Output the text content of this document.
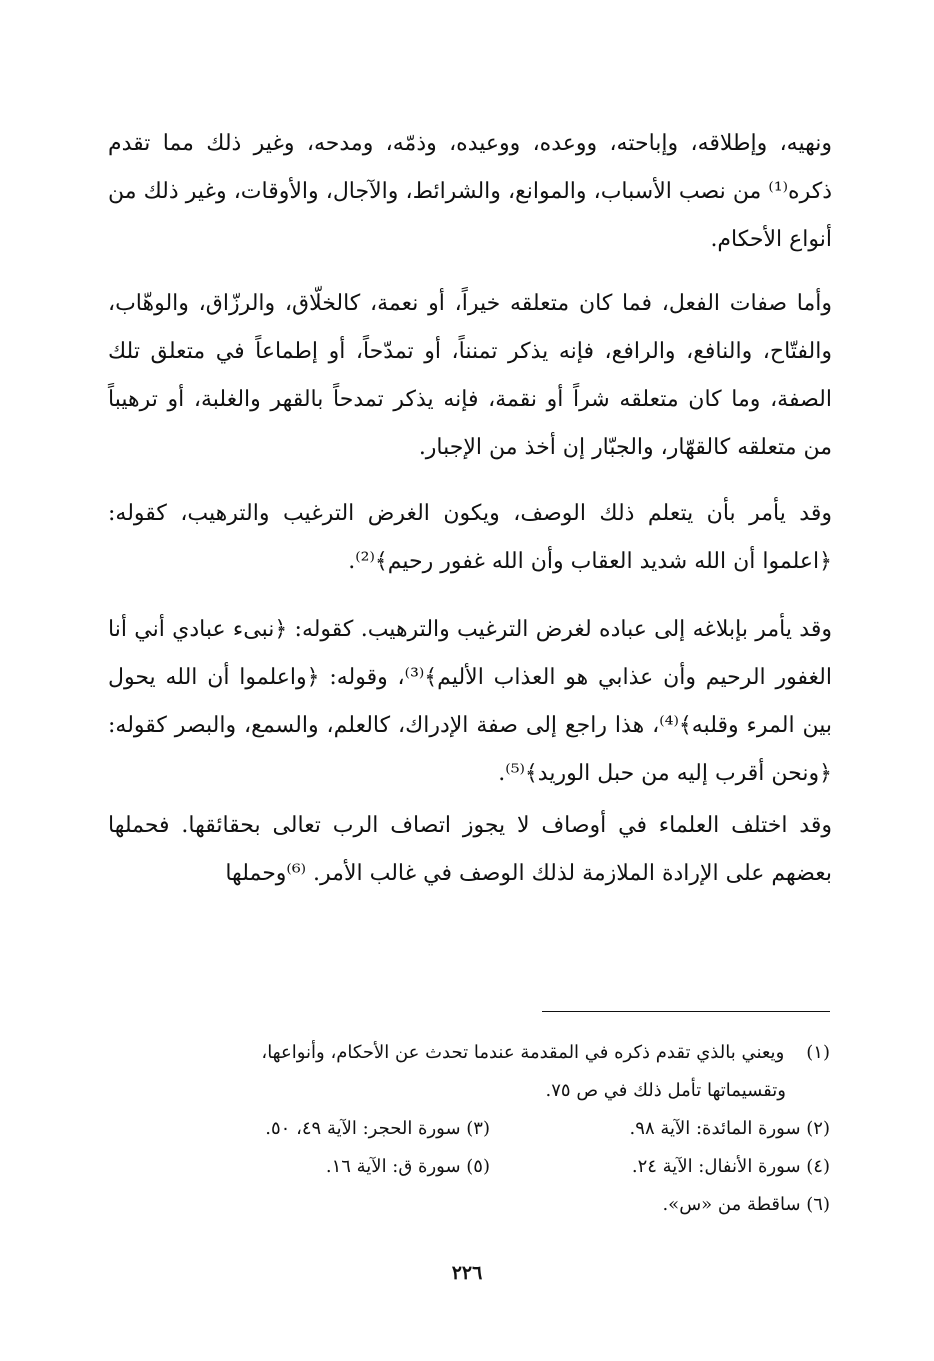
ونهيه، وإطلاقه، وإباحته، ووعده، ووعيده، وذمّه، ومدحه، وغير ذلك مما تقدم ذكره⁽¹⁾ من نصب الأسباب، والموانع، والشرائط، والآجال، والأوقات، وغير ذلك من أنواع الأحكام.

وأما صفات الفعل، فما كان متعلقه خيراً، أو نعمة، كالخلّاق، والرزّاق، والوهّاب، والفتّاح، والنافع، والرافع، فإنه يذكر تمنناً، أو تمدّحاً، أو إطماعاً في متعلق تلك الصفة، وما كان متعلقه شراً أو نقمة، فإنه يذكر تمدحاً بالقهر والغلبة، أو ترهيباً من متعلقه كالقهّار، والجبّار إن أخذ من الإجبار.

وقد يأمر بأن يتعلم ذلك الوصف، ويكون الغرض الترغيب والترهيب، كقوله: ﴿اعلموا أن الله شديد العقاب وأن الله غفور رحيم﴾⁽²⁾.

وقد يأمر بإبلاغه إلى عباده لغرض الترغيب والترهيب. كقوله: ﴿نبىء عبادي أني أنا الغفور الرحيم وأن عذابي هو العذاب الأليم﴾⁽³⁾، وقوله: ﴿واعلموا أن الله يحول بين المرء وقلبه﴾⁽⁴⁾، هذا راجع إلى صفة الإدراك، كالعلم، والسمع، والبصر كقوله: ﴿ونحن أقرب إليه من حبل الوريد﴾⁽⁵⁾.

وقد اختلف العلماء في أوصاف لا يجوز اتصاف الرب تعالى بحقائقها. فحملها بعضهم على الإرادة الملازمة لذلك الوصف في غالب الأمر. ⁽⁶⁾وحملها

(١) ويعني بالذي تقدم ذكره في المقدمة عندما تحدث عن الأحكام، وأنواعها،
وتقسيماتها تأمل ذلك في ص ٧٥.
(٢) سورة المائدة: الآية ٩٨.
(٣) سورة الحجر: الآية ٤٩، ٥٠.
(٤) سورة الأنفال: الآية ٢٤.
(٥) سورة ق: الآية ١٦.
(٦) ساقطة من «س».
٢٢٦
